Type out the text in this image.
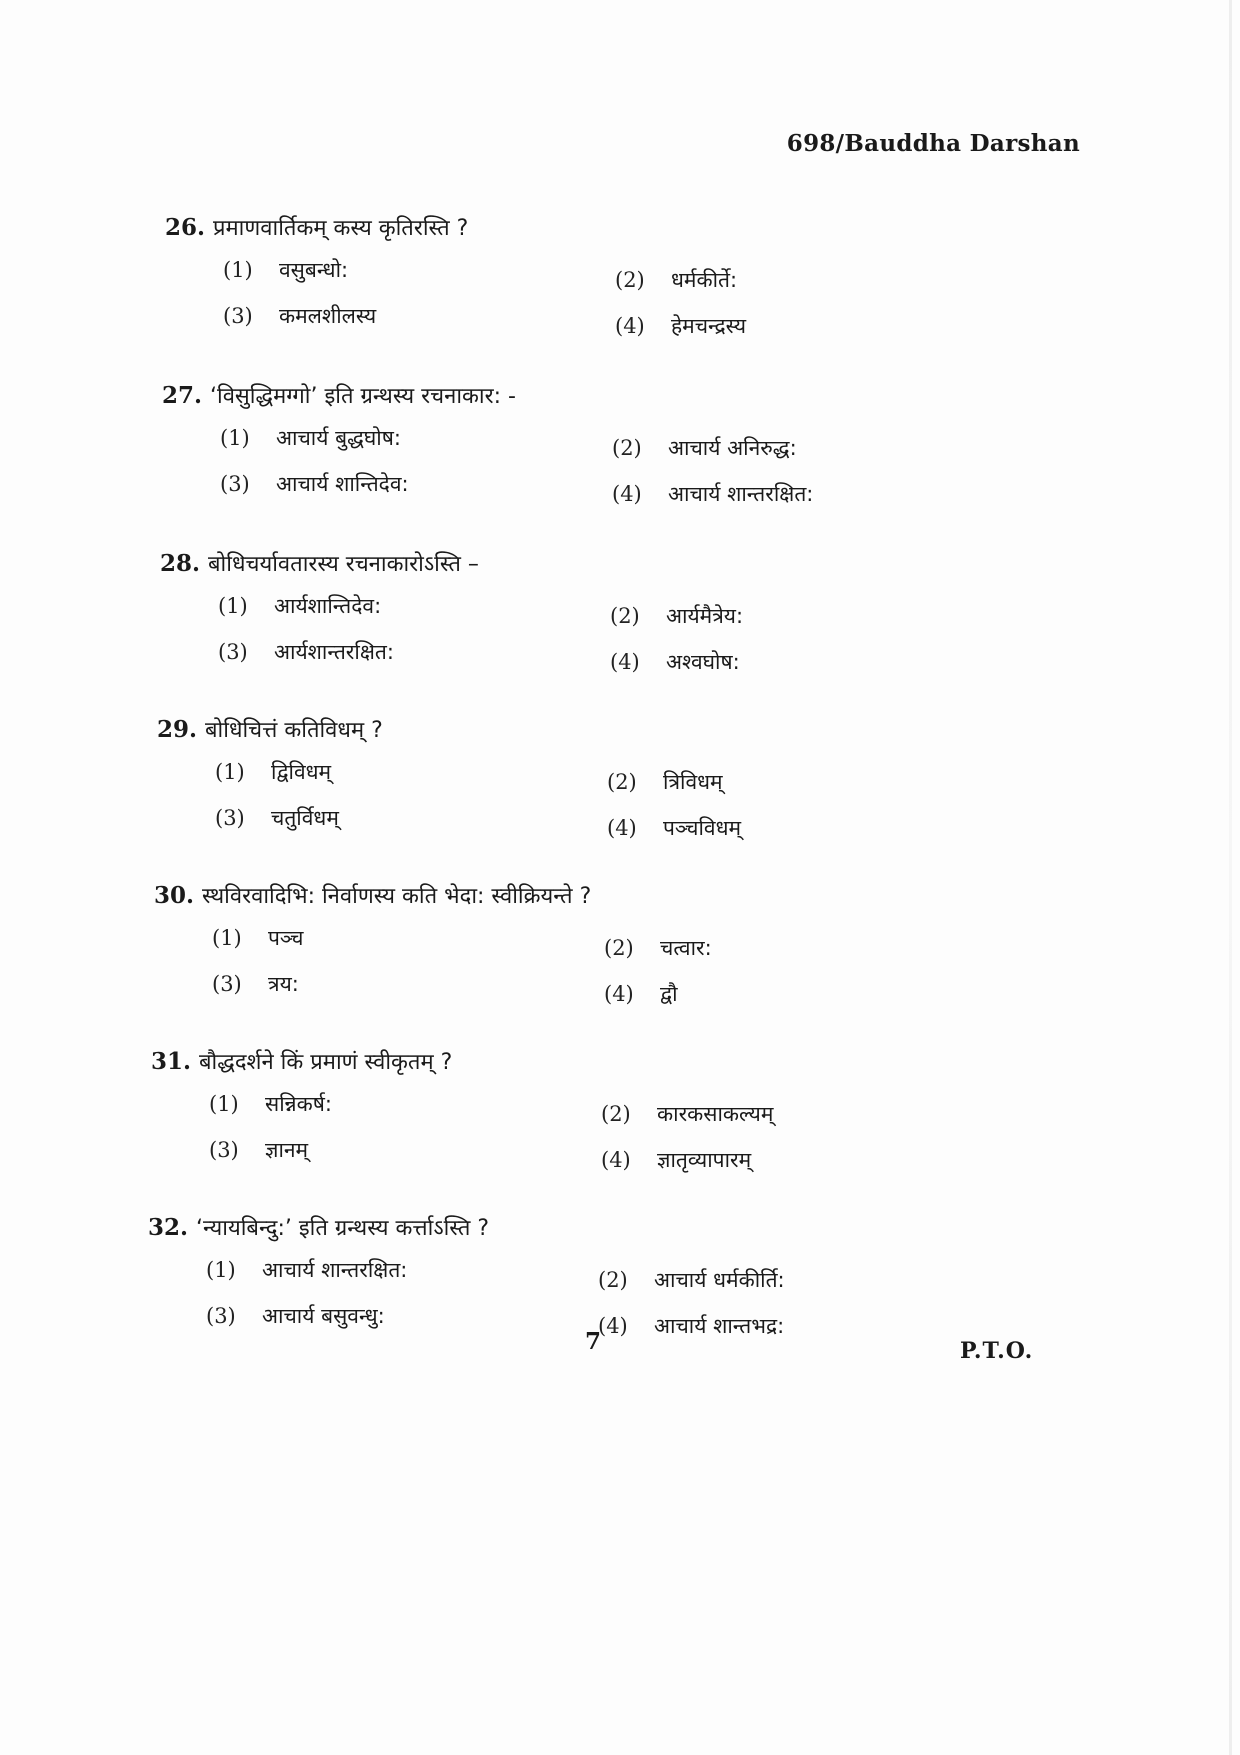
698/Bauddha Darshan
26. प्रमाणवार्तिकम् कस्य कृतिरस्ति ?
(1)	वसुबन्धो:	(2)	धर्मकीर्ते:
(3)	कमलशीलस्य	(4)	हेमचन्द्रस्य
27. ‘विसुद्धिमग्गो’ इति ग्रन्थस्य रचनाकार: -
(1)	आचार्य बुद्धघोष:	(2)	आचार्य अनिरुद्ध:
(3)	आचार्य शान्तिदेव:	(4)	आचार्य शान्तरक्षित:
28. बोधिचर्यावतारस्य रचनाकारोऽस्ति –
(1)	आर्यशान्तिदेव:	(2)	आर्यमैत्रेय:
(3)	आर्यशान्तरक्षित:	(4)	अश्वघोष:
29. बोधिचित्तं कतिविधम् ?
(1)	द्विविधम्	(2)	त्रिविधम्
(3)	चतुर्विधम्	(4)	पञ्चविधम्
30. स्थविरवादिभि: निर्वाणस्य कति भेदा: स्वीक्रियन्ते ?
(1)	पञ्च	(2)	चत्वार:
(3)	त्रय:	(4)	द्वौ
31. बौद्धदर्शने किं प्रमाणं स्वीकृतम् ?
(1)	सन्निकर्ष:	(2)	कारकसाकल्यम्
(3)	ज्ञानम्	(4)	ज्ञातृव्यापारम्
32. ‘न्यायबिन्दु:’ इति ग्रन्थस्य कर्त्ताऽस्ति ?
(1)	आचार्य शान्तरक्षित:	(2)	आचार्य धर्मकीर्ति:
(3)	आचार्य बसुवन्धु:	(4)	आचार्य शान्तभद्र:
7	P.T.O.
